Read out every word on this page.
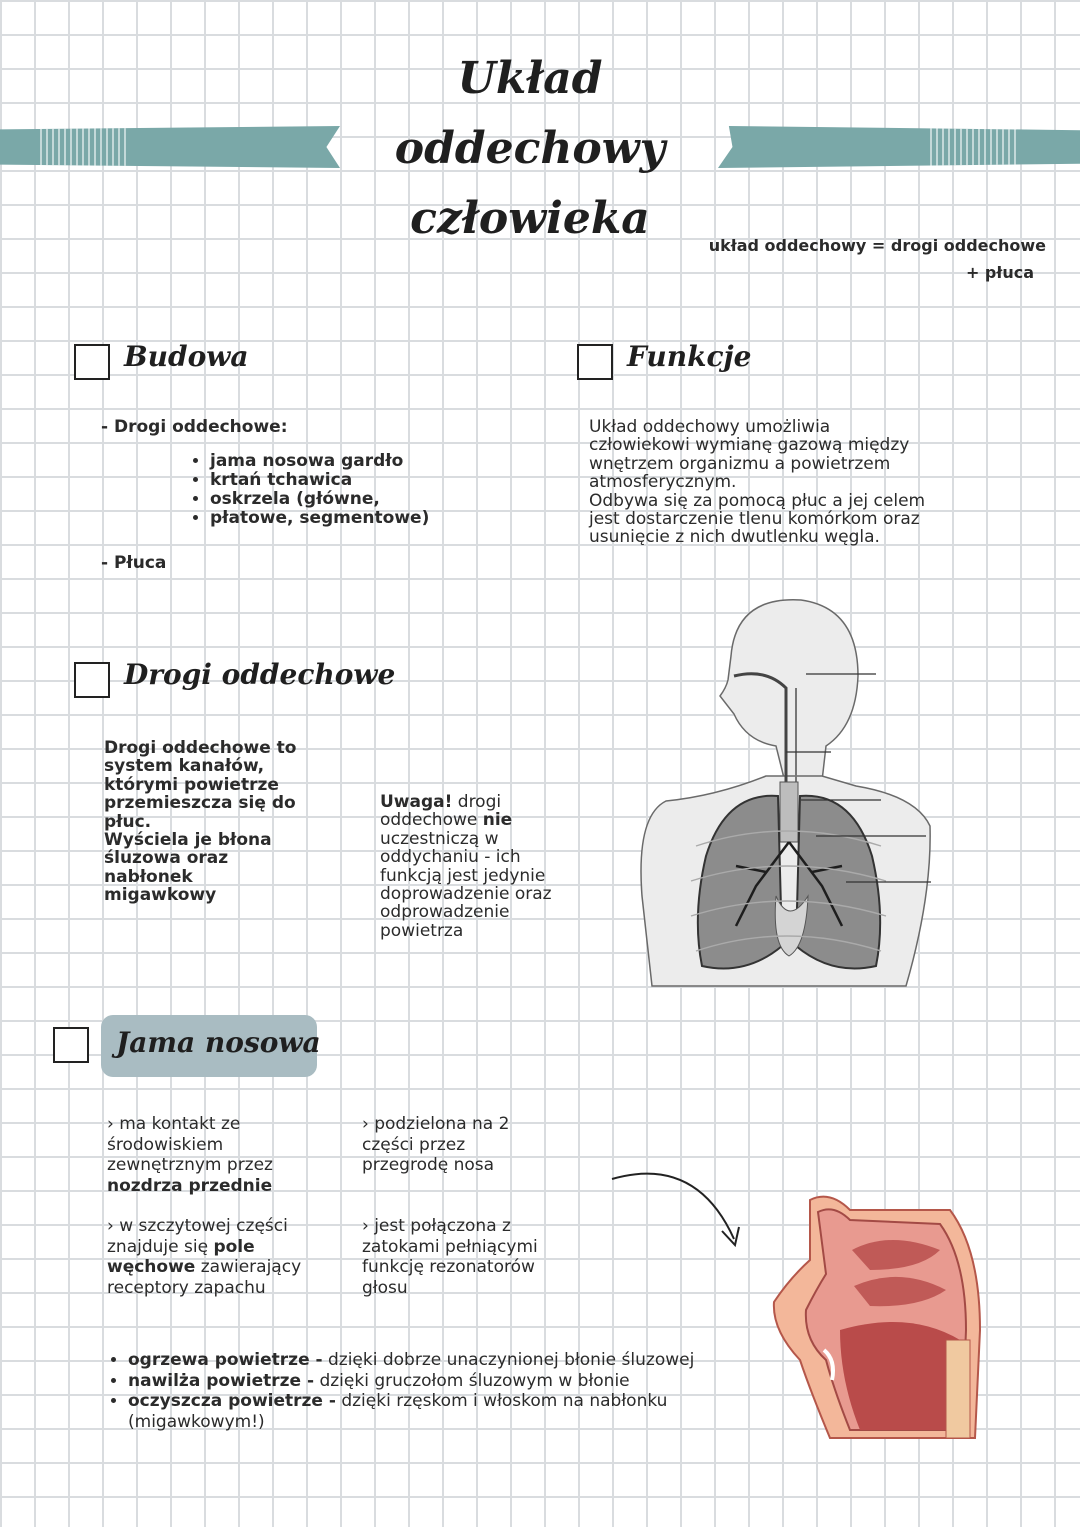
Układ
oddechowy
człowieka
układ oddechowy = drogi oddechowe
+ płuca
Budowa
- Drogi oddechowe:
• jama nosowa gardło
• krtań tchawica
• oskrzela (główne,
• płatowe, segmentowe)
- Płuca
Funkcje
Układ oddechowy umożliwia
człowiekowi wymianę gazową między
wnętrzem organizmu a powietrzem
atmosferycznym.
Odbywa się za pomocą płuc a jej celem
jest dostarczenie tlenu komórkom oraz
usunięcie z nich dwutlenku węgla.
Drogi oddechowe
Drogi oddechowe to
system kanałów,
którymi powietrze
przemieszcza się do
płuc.
Wyściela je błona
śluzowa oraz
nabłonek
migawkowy
Uwaga! drogi
oddechowe nie
uczestniczą w
oddychaniu - ich
funkcją jest jedynie
doprowadzenie oraz
odprowadzenie
powietrza
Jama nosowa
› ma kontakt ze
środowiskiem
zewnętrznym przez
nozdrza przednie
› podzielona na 2
części przez
przegrodę nosa
› w szczytowej części
znajduje się pole
węchowe zawierający
receptory zapachu
› jest połączona z
zatokami pełniącymi
funkcję rezonatorów
głosu
• ogrzewa powietrze - dzięki dobrze unaczynionej błonie śluzowej
• nawilża powietrze - dzięki gruczołom śluzowym w błonie
• oczyszcza powietrze - dzięki rzęskom i włoskom na nabłonku
(migawkowym!)
